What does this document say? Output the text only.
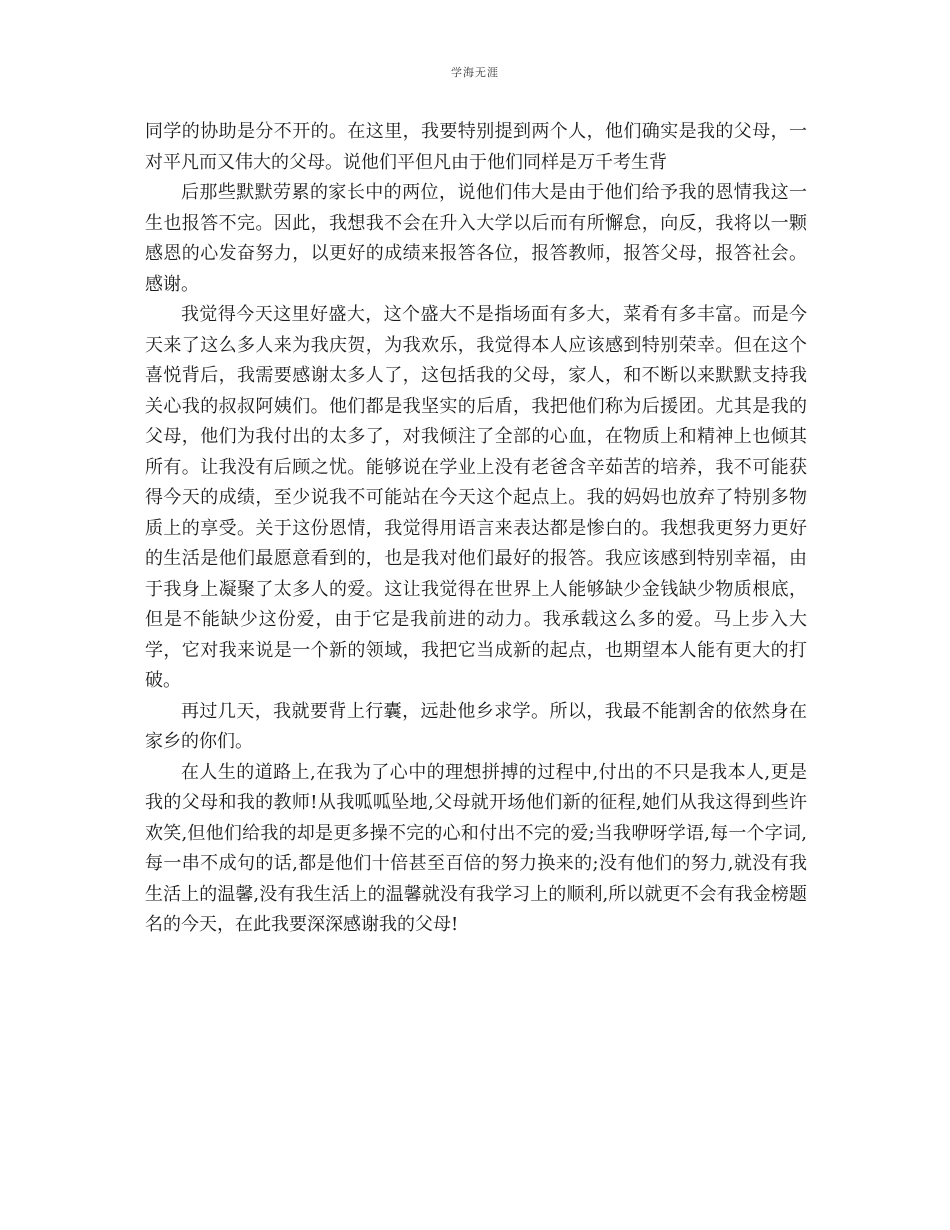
学海无涯

同学的协助是分不开的。在这里，我要特别提到两个人，他们确实是我的父母，一对平凡而又伟大的父母。说他们平但凡由于他们同样是万千考生背

后那些默默劳累的家长中的两位，说他们伟大是由于他们给予我的恩情我这一生也报答不完。因此，我想我不会在升入大学以后而有所懈怠，向反，我将以一颗感恩的心发奋努力，以更好的成绩来报答各位，报答教师，报答父母，报答社会。感谢。

我觉得今天这里好盛大，这个盛大不是指场面有多大，菜肴有多丰富。而是今天来了这么多人来为我庆贺，为我欢乐，我觉得本人应该感到特别荣幸。但在这个喜悦背后，我需要感谢太多人了，这包括我的父母，家人，和不断以来默默支持我关心我的叔叔阿姨们。他们都是我坚实的后盾，我把他们称为后援团。尤其是我的父母，他们为我付出的太多了，对我倾注了全部的心血，在物质上和精神上也倾其所有。让我没有后顾之忧。能够说在学业上没有老爸含辛茹苦的培养，我不可能获得今天的成绩，至少说我不可能站在今天这个起点上。我的妈妈也放弃了特别多物质上的享受。关于这份恩情，我觉得用语言来表达都是惨白的。我想我更努力更好的生活是他们最愿意看到的，也是我对他们最好的报答。我应该感到特别幸福，由于我身上凝聚了太多人的爱。这让我觉得在世界上人能够缺少金钱缺少物质根底，但是不能缺少这份爱，由于它是我前进的动力。我承载这么多的爱。马上步入大学，它对我来说是一个新的领域，我把它当成新的起点，也期望本人能有更大的打破。

再过几天，我就要背上行囊，远赴他乡求学。所以，我最不能割舍的依然身在家乡的你们。

在人生的道路上,在我为了心中的理想拼搏的过程中,付出的不只是我本人,更是我的父母和我的教师!从我呱呱坠地,父母就开场他们新的征程,她们从我这得到些许欢笑,但他们给我的却是更多操不完的心和付出不完的爱;当我咿呀学语,每一个字词,每一串不成句的话,都是他们十倍甚至百倍的努力换来的;没有他们的努力,就没有我生活上的温馨,没有我生活上的温馨就没有我学习上的顺利,所以就更不会有我金榜题名的今天，在此我要深深感谢我的父母!
